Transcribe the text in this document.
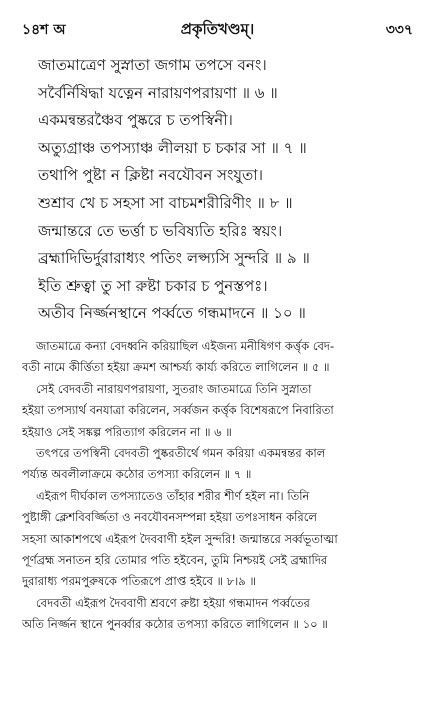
১৪শ অ	প্রকৃতিখণ্ডম্।	৩৩৭
জাতমাত্রেণ সুস্নাতা জগাম তপসে বনং।
সর্বৈর্নিষিদ্ধা যত্নেন নারায়ণপরায়ণা ॥ ৬ ॥
একমন্বন্তরঞ্চৈব পুষ্করে চ তপস্বিনী।
অত্যুগ্রাঞ্চ তপস্যাঞ্চ লীলয়া চ চকার সা ॥ ৭ ॥
তথাপি পুষ্টা ন ক্লিষ্টা নবযৌবন সংযুতা।
শুশ্রাব খে চ সহসা সা বাচমশরীরিণীং ॥ ৮ ॥
জন্মান্তরে তে ভর্ত্তা চ ভবিষ্যতি হরিঃ স্বয়ং।
ব্রহ্মাদিভির্দুরারাধ্যং পতিং লপ্স্যসি সুন্দরি ॥ ৯ ॥
ইতি শ্রুত্বা তু সা রুষ্টা চকার চ পুনস্তপঃ।
অতীব নির্জ্জনস্থানে পর্ব্বতে গন্ধমাদনে ॥ ১০ ॥
জাতমাত্রে কন্যা বেদধ্বনি করিয়াছিল এইজন্য মনীষিগণ কর্ত্তৃক বেদ-
বতী নামে কীর্ত্তিতা হইয়া ক্রমশ আশ্চর্য্য কার্য্য করিতে লাগিলেন ॥ ৫ ॥
সেই বেদবতী নারায়ণপরায়ণা, সুতরাং জাতমাত্রে তিনি সুস্নাতা
হইয়া তপস্যার্থ বনযাত্রা করিলেন, সর্ব্বজন কর্ত্তৃক বিশেষরূপে নিবারিতা
হইয়াও সেই সঙ্কল্প পরিত্যাগ করিলেন না ॥ ৬ ॥
তৎপরে তপস্বিনী বেদবতী পুষ্করতীর্থে গমন করিয়া একমন্বন্তর কাল
পর্য্যন্ত অবলীলাক্রমে কঠোর তপস্যা করিলেন ॥ ৭ ॥
এইরূপ দীর্ঘকাল তপস্যাতেও তাঁহার শরীর শীর্ণ হইল না। তিনি
পুষ্টাঙ্গী ক্লেশবিবর্জ্জিতা ও নবযৌবনসম্পন্না হইয়া তপঃসাধন করিলে
সহসা আকাশপথে এইরূপ দৈববাণী হইল সুন্দরি! জন্মান্তরে সর্ব্বভূতাত্মা
পূর্ণব্রহ্ম সনাতন হরি তোমার পতি হইবেন, তুমি নিশ্চয়ই সেই ব্রহ্মাদির
দুরারাধ্য পরমপুরুষকে পতিরূপে প্রাপ্ত হইবে ॥ ৮।৯ ॥
বেদবতী এইরূপ দৈববাণী শ্রবণে রুষ্টা হইয়া গন্ধমাদন পর্ব্বতের
অতি নির্জ্জন স্থানে পুনর্ব্বার কঠোর তপস্যা করিতে লাগিলেন ॥ ১০ ॥
